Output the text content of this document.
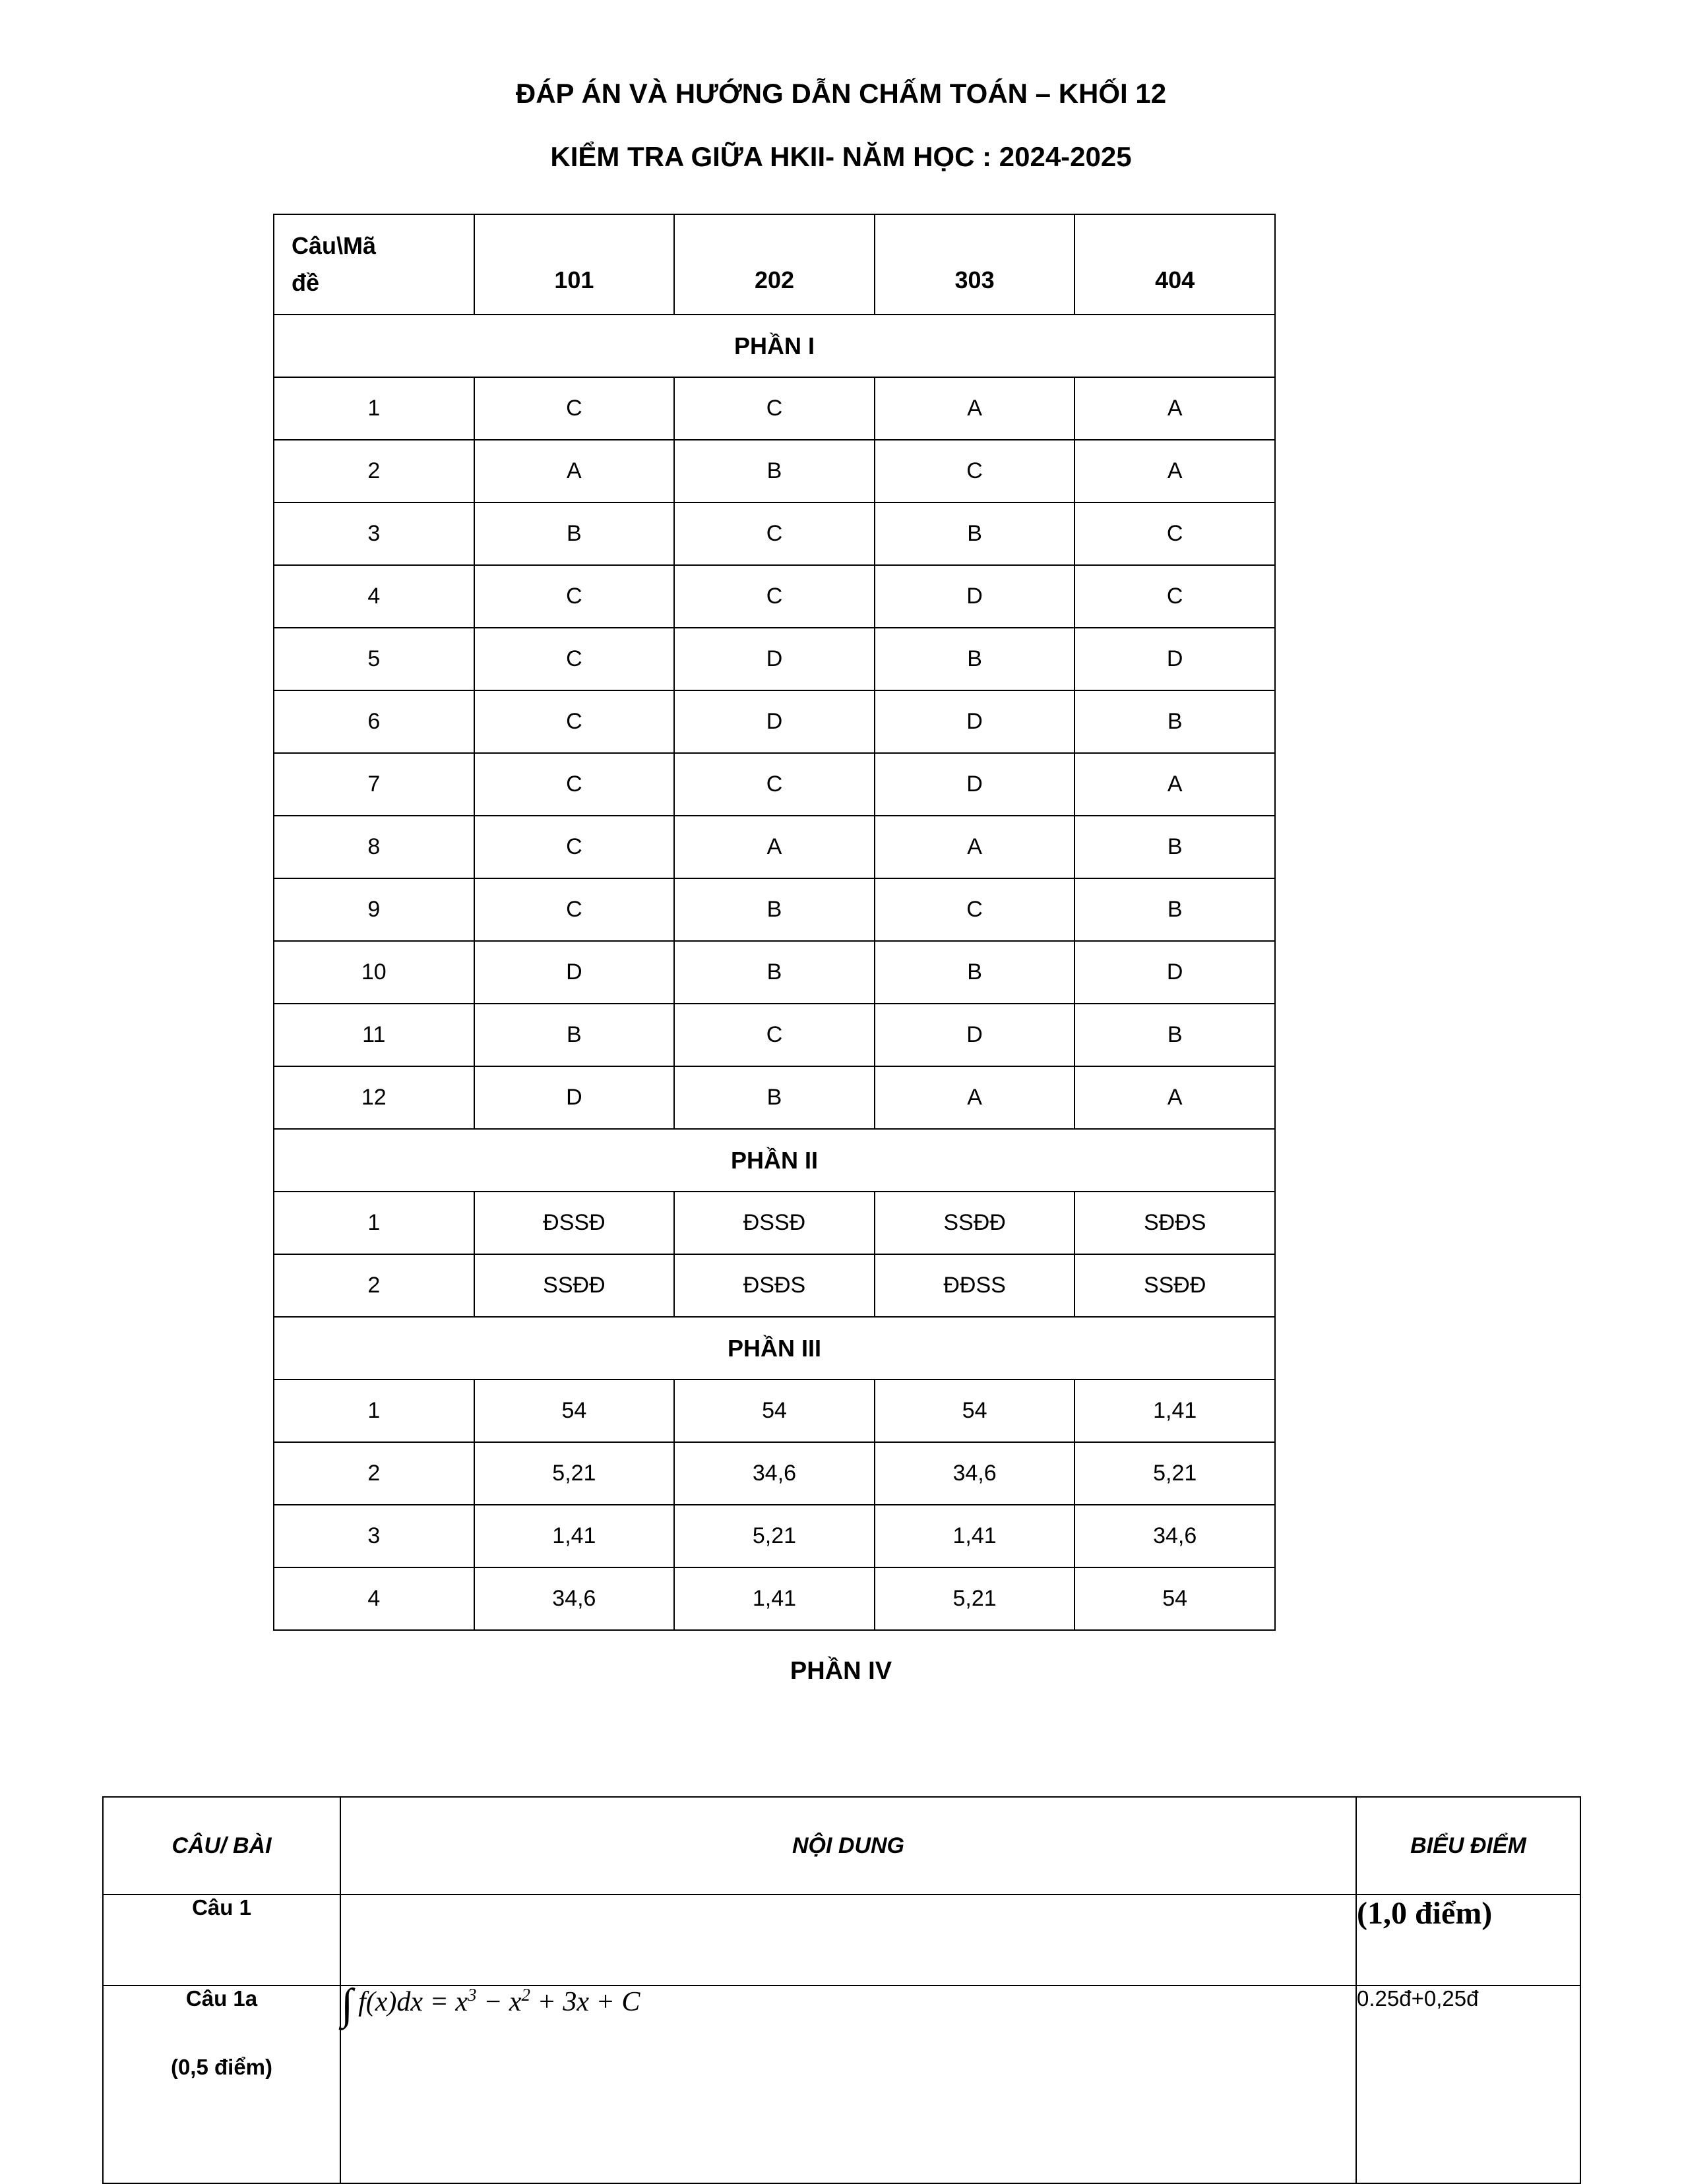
ĐÁP ÁN VÀ HƯỚNG DẪN CHẤM TOÁN – KHỐI 12
KIỂM TRA GIỮA HKII- NĂM HỌC : 2024-2025
Câu\Mã
đề	101	202	303	404
PHẦN I				
1	C	C	A	A
2	A	B	C	A
3	B	C	B	C
4	C	C	D	C
5	C	D	B	D
6	C	D	D	B
7	C	C	D	A
8	C	A	A	B
9	C	B	C	B
10	D	B	B	D
11	B	C	D	B
12	D	B	A	A
PHẦN II				
1	ĐSSĐ	ĐSSĐ	SSĐĐ	SĐĐS
2	SSĐĐ	ĐSĐS	ĐĐSS	SSĐĐ
PHẦN III				
1	54	54	54	1,41
2	5,21	34,6	34,6	5,21
3	1,41	5,21	1,41	34,6
4	34,6	1,41	5,21	54
PHẦN IV
CÂU/ BÀI	NỘI DUNG	BIỂU ĐIỂM
Câu 1		(1,0 điểm)

Câu 1a
(0,5 điểm)	∫ $f(x)dx = x^3 - x^2 + 3x + C$	0.25đ+0,25đ
